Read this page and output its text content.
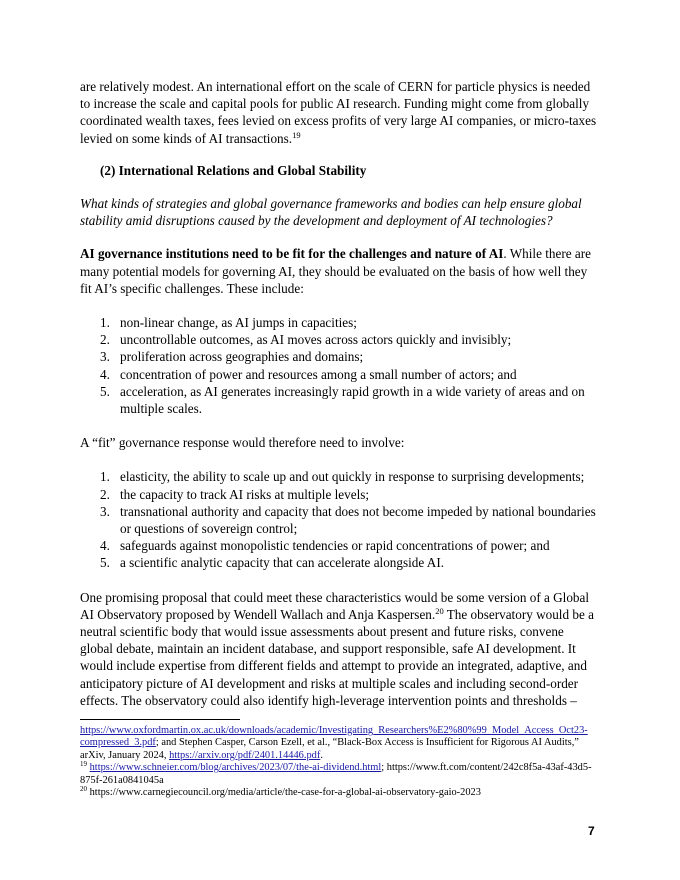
are relatively modest. An international effort on the scale of CERN for particle physics is needed to increase the scale and capital pools for public AI research. Funding might come from globally coordinated wealth taxes, fees levied on excess profits of very large AI companies, or micro-taxes levied on some kinds of AI transactions.$^{19}$

(2) International Relations and Global Stability

What kinds of strategies and global governance frameworks and bodies can help ensure global stability amid disruptions caused by the development and deployment of AI technologies?

AI governance institutions need to be fit for the challenges and nature of AI. While there are many potential models for governing AI, they should be evaluated on the basis of how well they fit AI’s specific challenges. These include:

1. non-linear change, as AI jumps in capacities;
2. uncontrollable outcomes, as AI moves across actors quickly and invisibly;
3. proliferation across geographies and domains;
4. concentration of power and resources among a small number of actors; and
5. acceleration, as AI generates increasingly rapid growth in a wide variety of areas and on multiple scales.

A “fit” governance response would therefore need to involve:

1. elasticity, the ability to scale up and out quickly in response to surprising developments;
2. the capacity to track AI risks at multiple levels;
3. transnational authority and capacity that does not become impeded by national boundaries or questions of sovereign control;
4. safeguards against monopolistic tendencies or rapid concentrations of power; and
5. a scientific analytic capacity that can accelerate alongside AI.

One promising proposal that could meet these characteristics would be some version of a Global AI Observatory proposed by Wendell Wallach and Anja Kaspersen.$^{20}$ The observatory would be a neutral scientific body that would issue assessments about present and future risks, convene global debate, maintain an incident database, and support responsible, safe AI development. It would include expertise from different fields and attempt to provide an integrated, adaptive, and anticipatory picture of AI development and risks at multiple scales and including second-order effects. The observatory could also identify high-leverage intervention points and thresholds –

https://www.oxfordmartin.ox.ac.uk/downloads/academic/Investigating_Researchers%E2%80%99_Model_Access_Oct23-compressed_3.pdf; and Stephen Casper, Carson Ezell, et al., “Black-Box Access is Insufficient for Rigorous AI Audits,” arXiv, January 2024, https://arxiv.org/pdf/2401.14446.pdf.

$^{19}$ https://www.schneier.com/blog/archives/2023/07/the-ai-dividend.html; https://www.ft.com/content/242c8f5a-43af-43d5-875f-261a0841045a

$^{20}$ https://www.carnegiecouncil.org/media/article/the-case-for-a-global-ai-observatory-gaio-2023

7
